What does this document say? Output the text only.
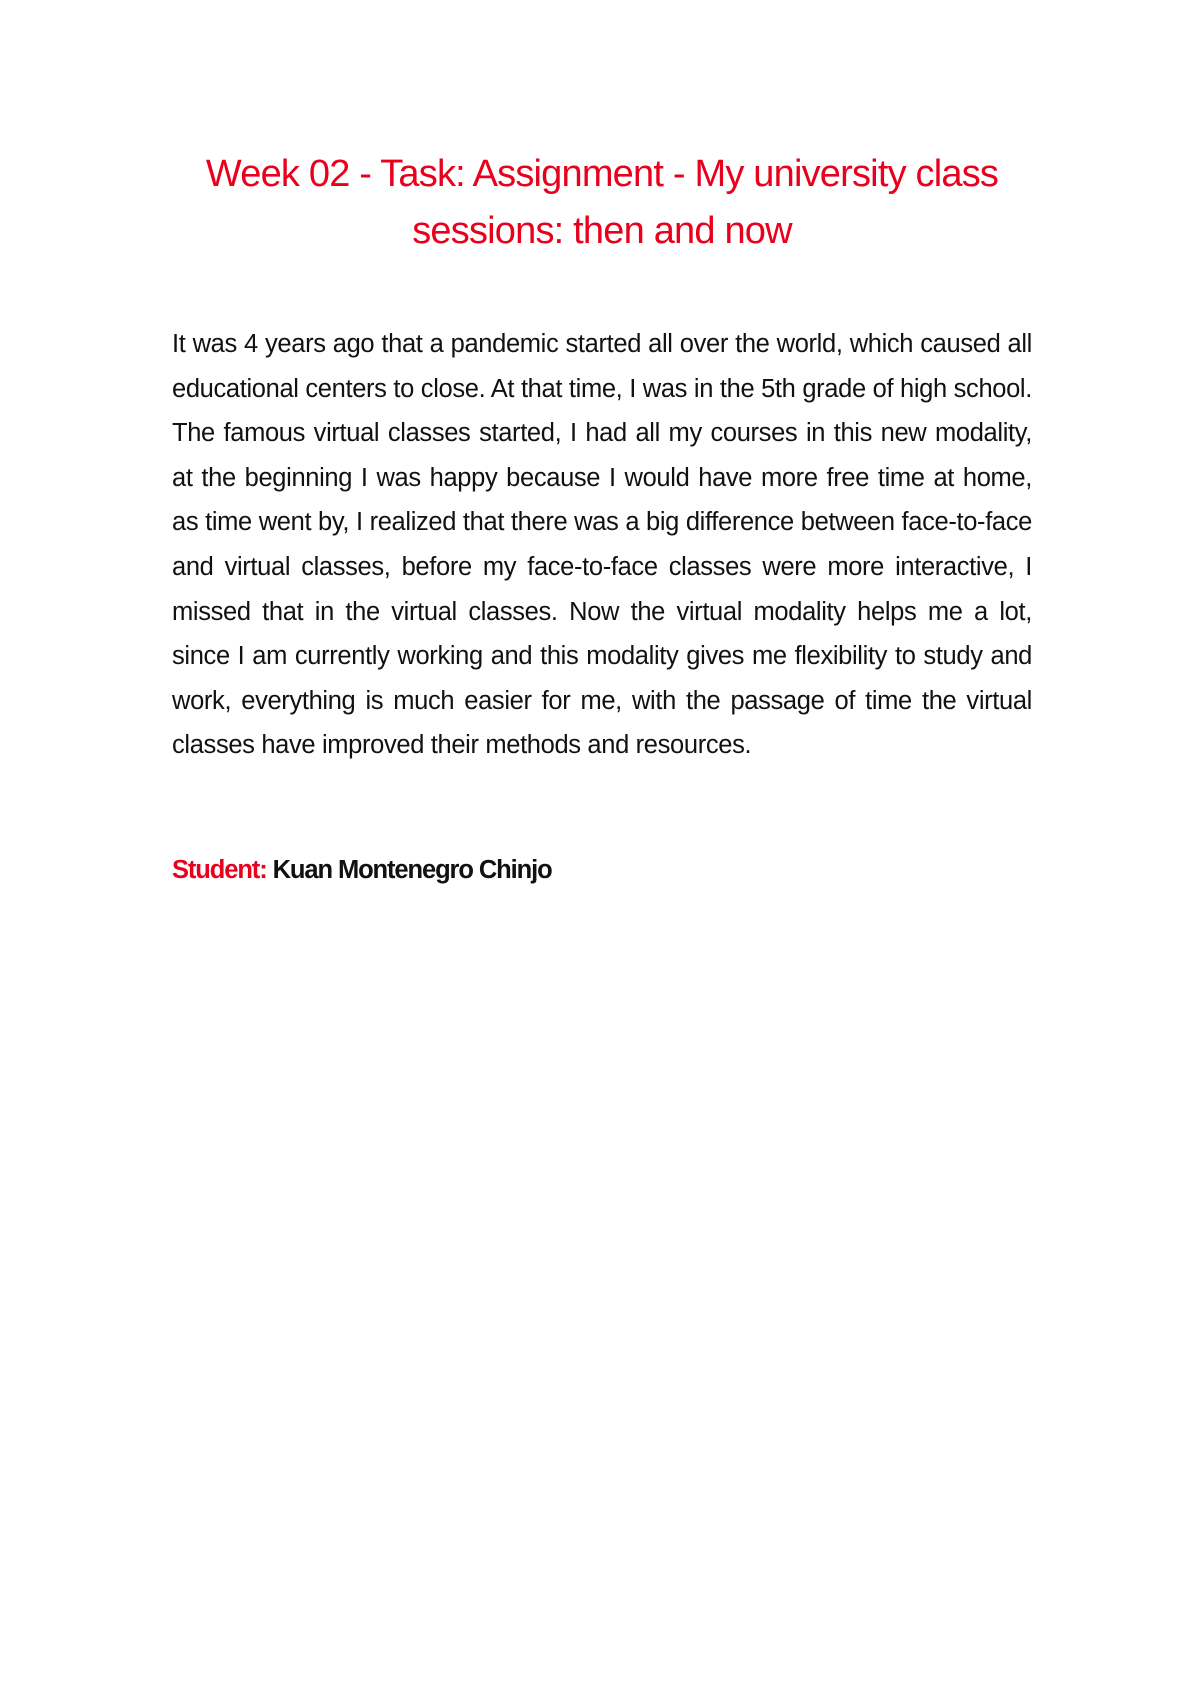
Week 02 - Task: Assignment - My university class sessions: then and now

It was 4 years ago that a pandemic started all over the world, which caused all educational centers to close. At that time, I was in the 5th grade of high school. The famous virtual classes started, I had all my courses in this new modality, at the beginning I was happy because I would have more free time at home, as time went by, I realized that there was a big difference between face-to-face and virtual classes, before my face-to-face classes were more interactive, I missed that in the virtual classes. Now the virtual modality helps me a lot, since I am currently working and this modality gives me flexibility to study and work, everything is much easier for me, with the passage of time the virtual classes have improved their methods and resources.

Student: Kuan Montenegro Chinjo
